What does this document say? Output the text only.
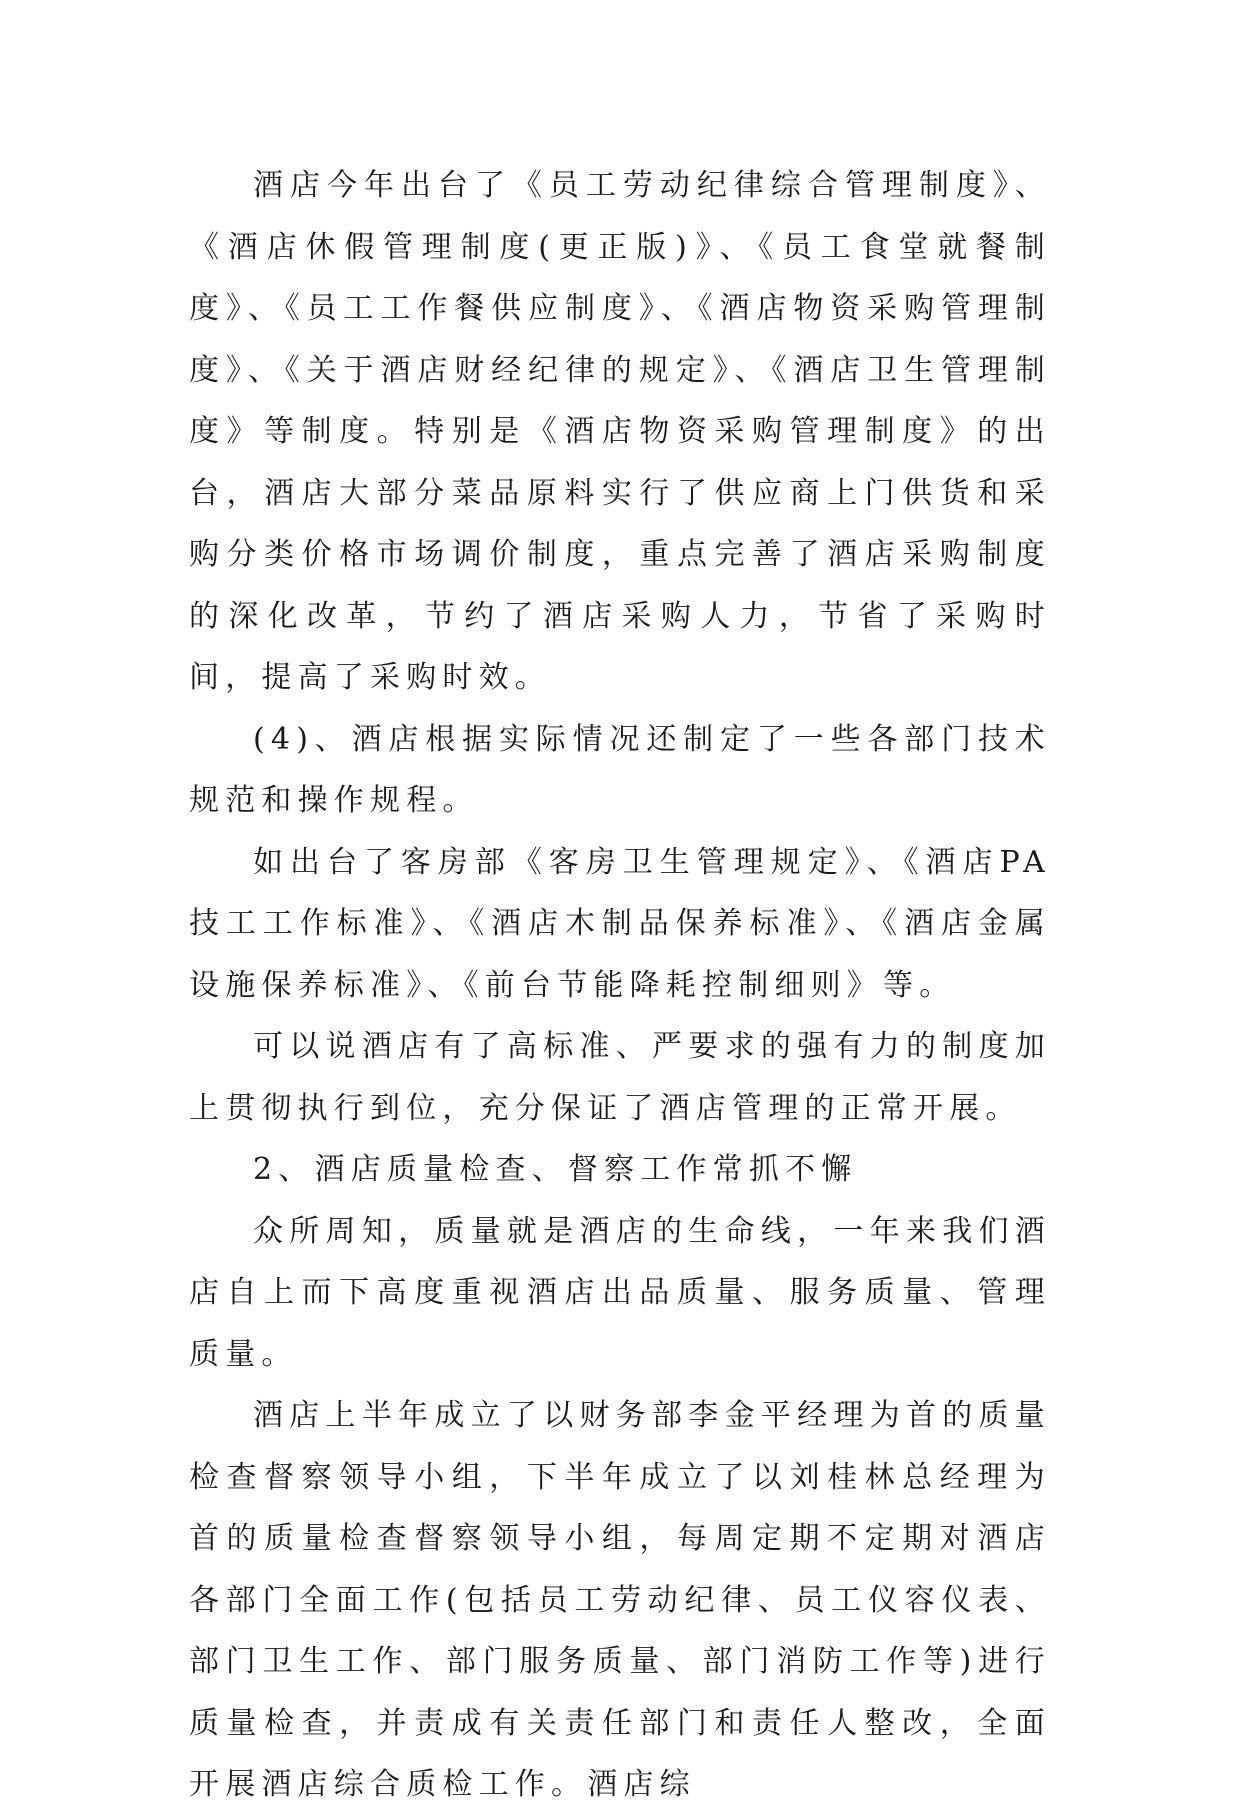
酒店今年出台了《员工劳动纪律综合管理制度》、《酒店休假管理制度(更正版)》、《员工食堂就餐制度》、《员工工作餐供应制度》、《酒店物资采购管理制度》、《关于酒店财经纪律的规定》、《酒店卫生管理制度》等制度。特别是《酒店物资采购管理制度》的出台，酒店大部分菜品原料实行了供应商上门供货和采购分类价格市场调价制度，重点完善了酒店采购制度的深化改革，节约了酒店采购人力，节省了采购时间，提高了采购时效。

(4)、酒店根据实际情况还制定了一些各部门技术规范和操作规程。

如出台了客房部《客房卫生管理规定》、《酒店PA技工工作标准》、《酒店木制品保养标准》、《酒店金属设施保养标准》、《前台节能降耗控制细则》等。

可以说酒店有了高标准、严要求的强有力的制度加上贯彻执行到位，充分保证了酒店管理的正常开展。

2、酒店质量检查、督察工作常抓不懈

众所周知，质量就是酒店的生命线，一年来我们酒店自上而下高度重视酒店出品质量、服务质量、管理质量。

酒店上半年成立了以财务部李金平经理为首的质量检查督察领导小组，下半年成立了以刘桂林总经理为首的质量检查督察领导小组，每周定期不定期对酒店各部门全面工作(包括员工劳动纪律、员工仪容仪表、部门卫生工作、部门服务质量、部门消防工作等)进行质量检查，并责成有关责任部门和责任人整改，全面开展酒店综合质检工作。酒店综
